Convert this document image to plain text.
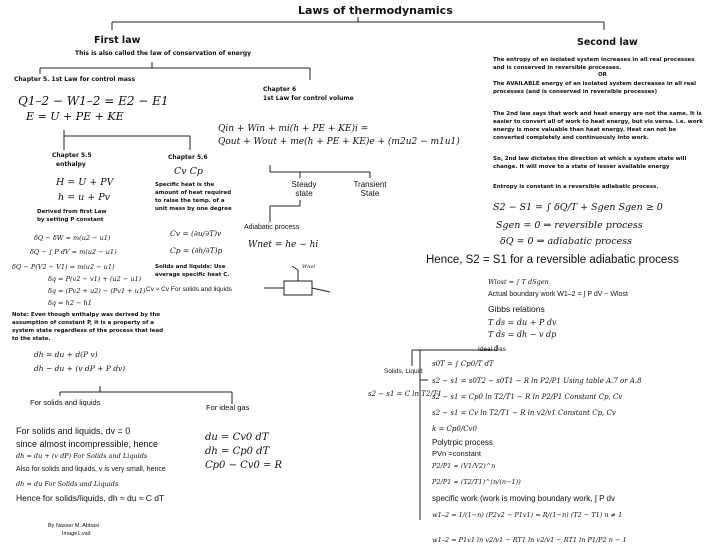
Laws of thermodynamics
First law
This is also called the law of conservation of energy
Second law
Chapter 5. 1st Law for control mass
Q1–2 − W1–2 = E2 − E1
E = U + PE + KE
Chapter 6
1st Law for control volume
Qin + Win + mi(h + PE + KE)i =
Qout + Wout + me(h + PE + KE)e + (m2u2 − m1u1)
Steady state
Transient State
Adiabatic process
Wnet = he − hi
Wnet
Chapter 5.5
enthalpy
H = U + PV
h = u + Pv
Derived from first Law
by setting P constant
δQ − δW = m(u2 − u1)
δQ − ∫ P dV = m(u2 − u1)
δQ − P(V2 − V1) = m(u2 − u1)
δq = P(v2 − v1) + (u2 − u1)
δq = (Pv2 + u2) − (Pv1 + u1)
δq = h2 − h1
Chapter 5.6
Cv Cp
Specific heat is the
amount of heat required
to raise the temp. of a
unit mass by one degree
Cv = (∂u/∂T)v
Cp = (∂h/∂T)p
Solids and liquids: Use
average specific heat C.
Cv ≈ Cv For solids and liquids
Note: Even though enthalpy was derived by the
assumption of constant P, it is a property of a
system state regardless of the process that lead
to the state.
dh = du + d(P v)
dh − du + (v dP + P dv)
For solids and liquids
For ideal gas
For solids and liquids, dv = 0
since almost incompressible, hence
dh ≈ du + (v dP) For Solids and Liquids
Also for solids and liquids, v is very small, hence
dh ≈ du For Solids and Liquids
Hence for solids/liquids, dh ≈ du ≈ C dT
du = Cv0 dT
dh = Cp0 dT
Cp0 − Cv0 = R
By Nasser M. Abbasi
Image1.vsd
The entropy of an isolated system increases in all real processes and is conserved in reversible processes.
OR
The AVAILABLE energy of an isolated system decreases in all real processes (and is conserved in reversible processes)
The 2nd law says that work and heat energy are not the same. It is easier to convert all of work to heat energy, but vis versa. i.e. work energy is more valuable than heat energy. Heat can not be converted completely and continuously into work.
So, 2nd law dictates the direction at which a system state will change. It will move to a state of lesser available energy
Entropy is constant in a reversible adiabatic process.
S2 − S1 = ∫ δQ/T + Sgen Sgen ≥ 0
Sgen = 0 ⇒ reversible process
δQ = 0 ⇒ adiabatic process
Hence, S2 = S1 for a reversible adiabatic process
Wlost = ∫ T dSgen
Actual boundary work W1–2 = ∫ P dV − Wlost
Gibbs relations
T ds = du + P dv
T ds = dh − v dp
Ideal Gas
Solids, Liquid
s2 − s1 = C ln T2/T1
s0T = ∫ Cp0/T dT
s2 − s1 = s0T2 − s0T1 − R ln P2/P1 Using table A.7 or A.8
s2 − s1 = Cp0 ln T2/T1 − R ln P2/P1 Constant Cp, Cv
s2 − s1 = Cv ln T2/T1 − R ln v2/v1 Constant Cp, Cv
k = Cp0/Cv0
Polytrpic process
PVn =constant
P2/P1 = (V1/V2)^n
P2/P1 = (T2/T1)^(n/(n−1))
specific work (work is moving boundary work, ∫ P dv
w1–2 = 1/(1−n) (P2v2 − P1v1) = R/(1−n) (T2 − T1) n ≠ 1
w1–2 = P1v1 ln v2/v1 − RT1 ln v2/v1 − RT1 ln P1/P2 n − 1
